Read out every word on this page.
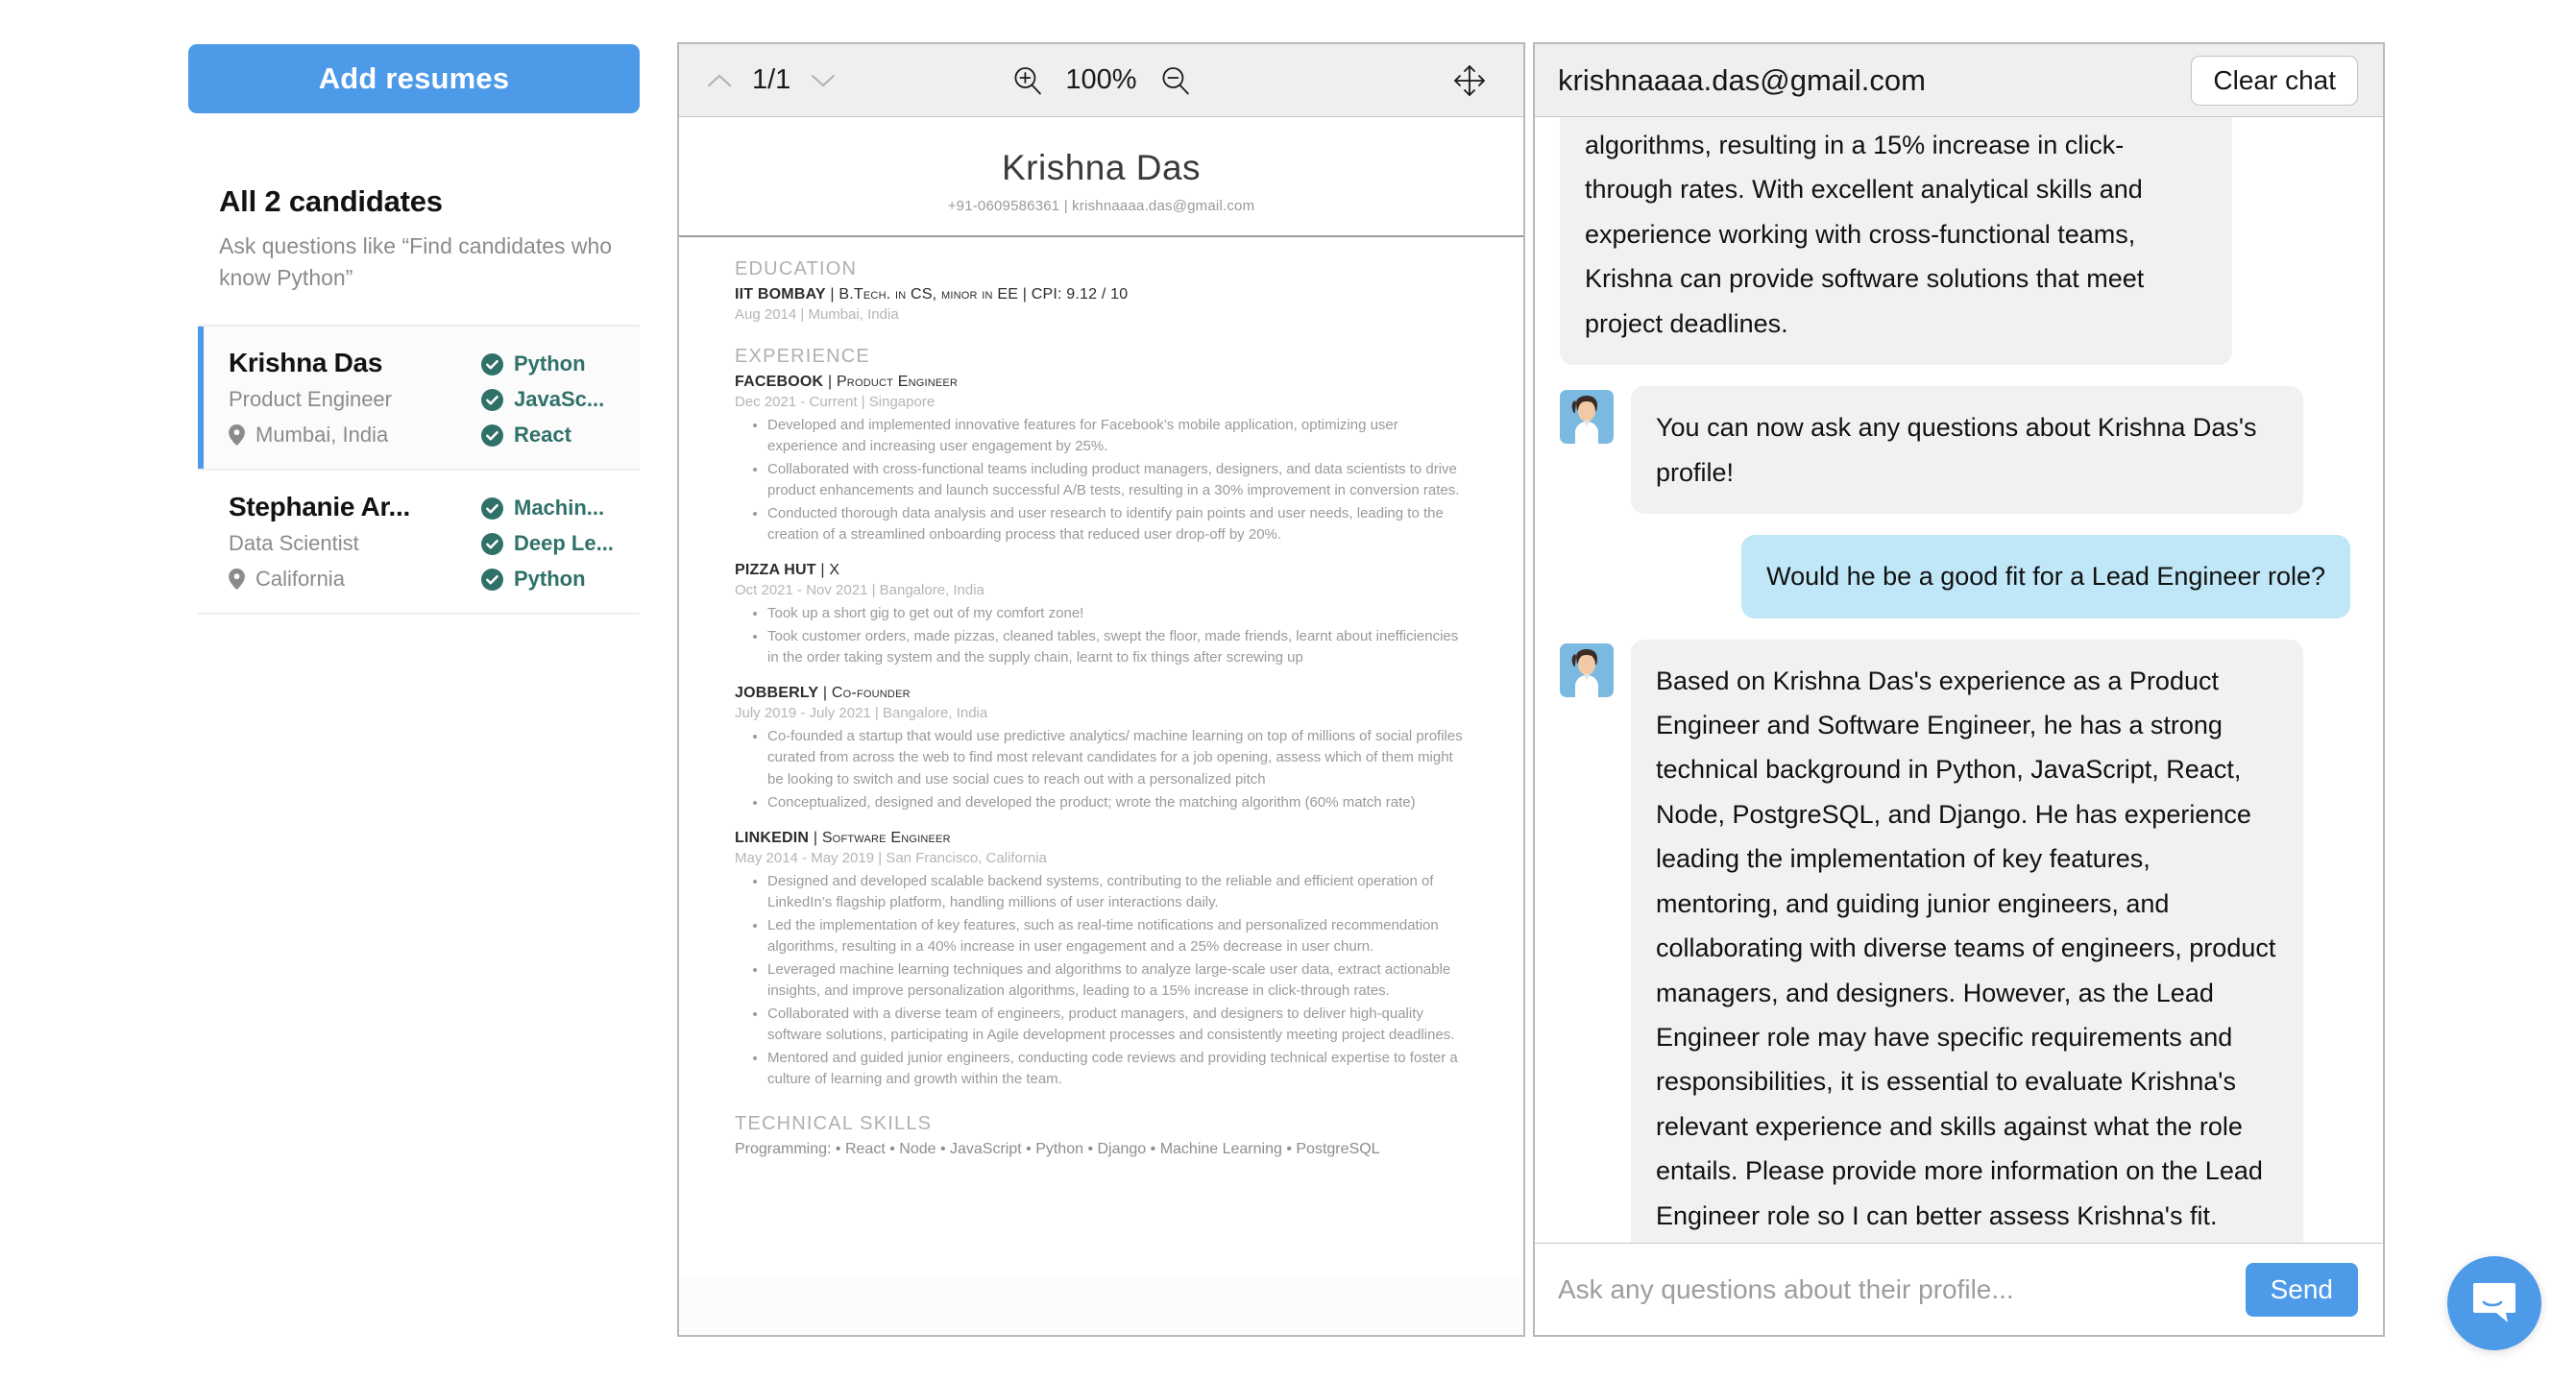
Add resumes
All 2 candidates
Ask questions like “Find candidates who know Python”
Krishna Das
Product Engineer
Mumbai, India
Python
JavaSc...
React
Stephanie Ar...
Data Scientist
California
Machin...
Deep Le...
Python
1/1	100%
Krishna Das
+91-0609586361 | krishnaaaa.das@gmail.com
EDUCATION
IIT BOMBAY | B.Tech. in CS, minor in EE | CPI: 9.12 / 10
Aug 2014 | Mumbai, India
EXPERIENCE
FACEBOOK | Product Engineer
Dec 2021 - Current | Singapore
• Developed and implemented innovative features for Facebook’s mobile application, optimizing user experience and increasing user engagement by 25%.
• Collaborated with cross-functional teams including product managers, designers, and data scientists to drive product enhancements and launch successful A/B tests, resulting in a 30% improvement in conversion rates.
• Conducted thorough data analysis and user research to identify pain points and user needs, leading to the creation of a streamlined onboarding process that reduced user drop-off by 20%.
PIZZA HUT | X
Oct 2021 - Nov 2021 | Bangalore, India
• Took up a short gig to get out of my comfort zone!
• Took customer orders, made pizzas, cleaned tables, swept the floor, made friends, learnt about inefficiencies in the order taking system and the supply chain, learnt to fix things after screwing up
JOBBERLY | Co-founder
July 2019 - July 2021 | Bangalore, India
• Co-founded a startup that would use predictive analytics/ machine learning on top of millions of social profiles curated from across the web to find most relevant candidates for a job opening, assess which of them might be looking to switch and use social cues to reach out with a personalized pitch
• Conceptualized, designed and developed the product; wrote the matching algorithm (60% match rate)
LINKEDIN | Software Engineer
May 2014 - May 2019 | San Francisco, California
• Designed and developed scalable backend systems, contributing to the reliable and efficient operation of LinkedIn’s flagship platform, handling millions of user interactions daily.
• Led the implementation of key features, such as real-time notifications and personalized recommendation algorithms, resulting in a 40% increase in user engagement and a 25% decrease in user churn.
• Leveraged machine learning techniques and algorithms to analyze large-scale user data, extract actionable insights, and improve personalization algorithms, leading to a 15% increase in click-through rates.
• Collaborated with a diverse team of engineers, product managers, and designers to deliver high-quality software solutions, participating in Agile development processes and consistently meeting project deadlines.
• Mentored and guided junior engineers, conducting code reviews and providing technical expertise to foster a culture of learning and growth within the team.
TECHNICAL SKILLS
Programming: • React • Node • JavaScript • Python • Django • Machine Learning • PostgreSQL
krishnaaaa.das@gmail.com	Clear chat
algorithms, resulting in a 15% increase in click-through rates. With excellent analytical skills and experience working with cross-functional teams, Krishna can provide software solutions that meet project deadlines.
You can now ask any questions about Krishna Das's profile!
Would he be a good fit for a Lead Engineer role?
Based on Krishna Das's experience as a Product Engineer and Software Engineer, he has a strong technical background in Python, JavaScript, React, Node, PostgreSQL, and Django. He has experience leading the implementation of key features, mentoring, and guiding junior engineers, and collaborating with diverse teams of engineers, product managers, and designers. However, as the Lead Engineer role may have specific requirements and responsibilities, it is essential to evaluate Krishna's relevant experience and skills against what the role entails. Please provide more information on the Lead Engineer role so I can better assess Krishna's fit.
Ask any questions about their profile...
Send
